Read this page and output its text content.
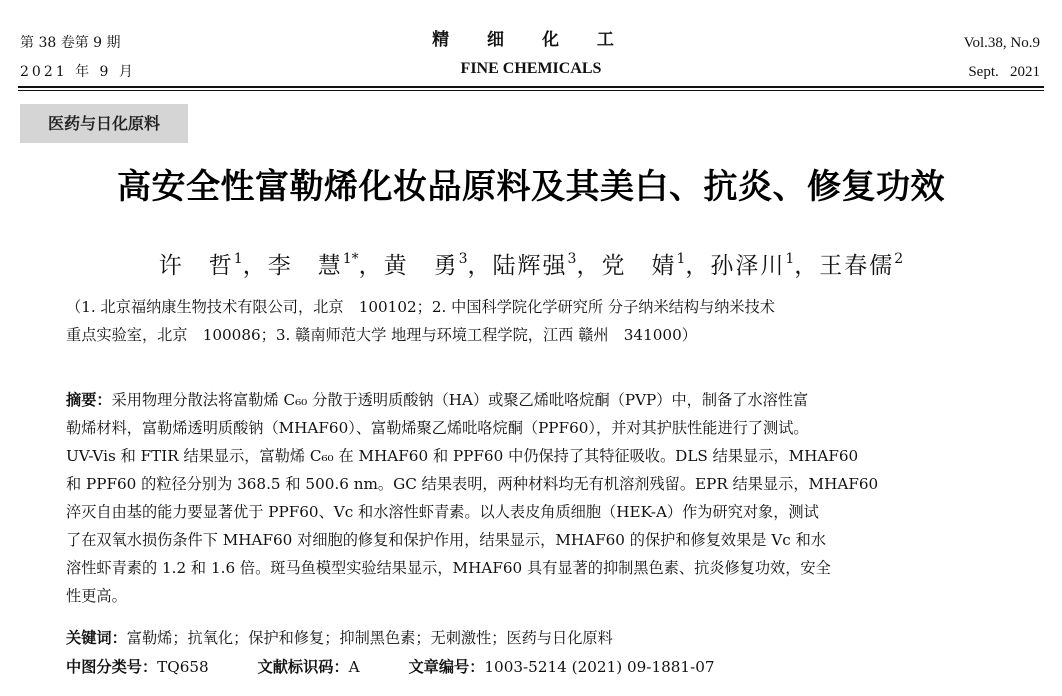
第 38 卷第 9 期
2021 年 9 月
精 细 化 工
FINE CHEMICALS
Vol.38, No.9
Sept.   2021
医药与日化原料
高安全性富勒烯化妆品原料及其美白、抗炎、修复功效
许　哲$^1$，李　慧$^{1*}$，黄　勇$^3$，陆辉强$^3$，党　婧$^1$，孙泽川$^1$，王春儒$^2$
（1. 北京福纳康生物技术有限公司，北京　100102；2. 中国科学院化学研究所 分子纳米结构与纳米技术
重点实验室，北京　100086；3. 赣南师范大学 地理与环境工程学院，江西 赣州　341000）
摘要：采用物理分散法将富勒烯 C₆₀ 分散于透明质酸钠（HA）或聚乙烯吡咯烷酮（PVP）中，制备了水溶性富
勒烯材料，富勒烯透明质酸钠（MHAF60）、富勒烯聚乙烯吡咯烷酮（PPF60），并对其护肤性能进行了测试。
UV-Vis 和 FTIR 结果显示，富勒烯 C₆₀ 在 MHAF60 和 PPF60 中仍保持了其特征吸收。DLS 结果显示，MHAF60
和 PPF60 的粒径分别为 368.5 和 500.6 nm。GC 结果表明，两种材料均无有机溶剂残留。EPR 结果显示，MHAF60
淬灭自由基的能力要显著优于 PPF60、Vc 和水溶性虾青素。以人表皮角质细胞（HEK-A）作为研究对象，测试
了在双氧水损伤条件下 MHAF60 对细胞的修复和保护作用，结果显示，MHAF60 的保护和修复效果是 Vc 和水
溶性虾青素的 1.2 和 1.6 倍。斑马鱼模型实验结果显示，MHAF60 具有显著的抑制黑色素、抗炎修复功效，安全
性更高。
关键词：富勒烯；抗氧化；保护和修复；抑制黑色素；无刺激性；医药与日化原料
中图分类号：TQ658	文献标识码：A	文章编号：1003-5214 (2021) 09-1881-07
